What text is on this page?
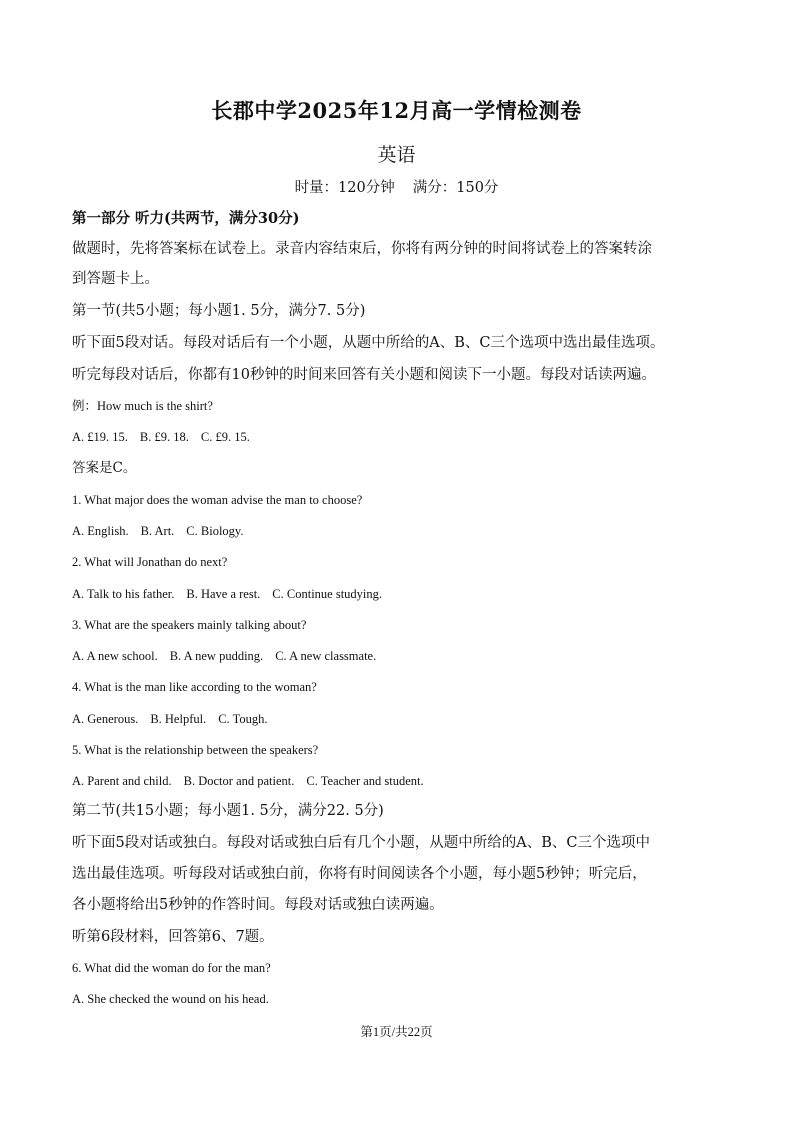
长郡中学2025年12月高一学情检测卷
英语
时量：120分钟 满分：150分
第一部分 听力(共两节，满分30分)
做题时，先将答案标在试卷上。录音内容结束后，你将有两分钟的时间将试卷上的答案转涂
到答题卡上。
第一节(共5小题；每小题1. 5分，满分7. 5分)
听下面5段对话。每段对话后有一个小题，从题中所给的A、B、C三个选项中选出最佳选项。
听完每段对话后，你都有10秒钟的时间来回答有关小题和阅读下一小题。每段对话读两遍。
例：How much is the shirt?
A. £19. 15. B. £9. 18. C. £9. 15.
答案是C。
1. What major does the woman advise the man to choose?
A. English. B. Art. C. Biology.
2. What will Jonathan do next?
A. Talk to his father. B. Have a rest. C. Continue studying.
3. What are the speakers mainly talking about?
A. A new school. B. A new pudding. C. A new classmate.
4. What is the man like according to the woman?
A. Generous. B. Helpful. C. Tough.
5. What is the relationship between the speakers?
A. Parent and child. B. Doctor and patient. C. Teacher and student.
第二节(共15小题；每小题1. 5分，满分22. 5分)
听下面5段对话或独白。每段对话或独白后有几个小题，从题中所给的A、B、C三个选项中
选出最佳选项。听每段对话或独白前，你将有时间阅读各个小题，每小题5秒钟；听完后，
各小题将给出5秒钟的作答时间。每段对话或独白读两遍。
听第6段材料，回答第6、7题。
6. What did the woman do for the man?
A. She checked the wound on his head.
第1页/共22页
